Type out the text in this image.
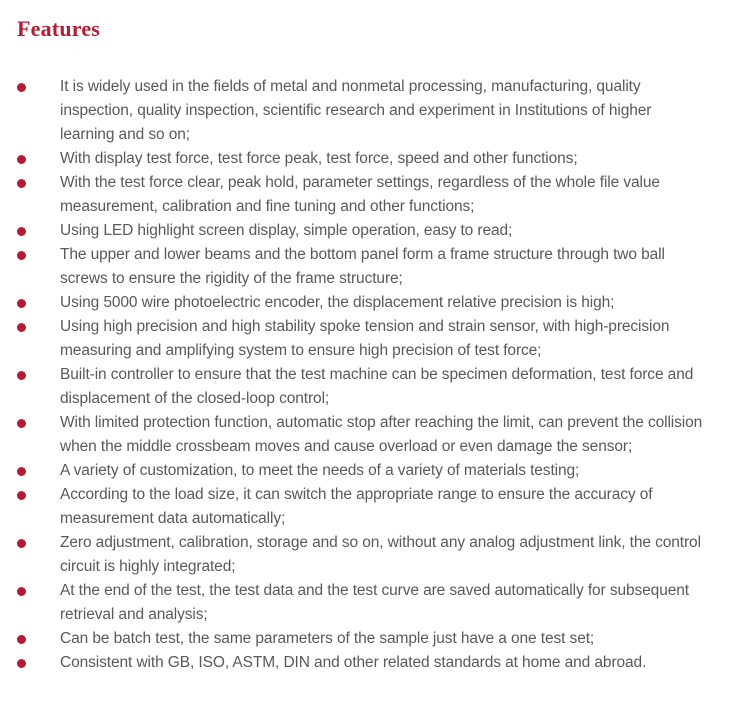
Features
It is widely used in the fields of metal and nonmetal processing, manufacturing, quality inspection, quality inspection, scientific research and experiment in Institutions of higher learning and so on;
With display test force, test force peak, test force, speed and other functions;
With the test force clear, peak hold, parameter settings, regardless of the whole file value measurement, calibration and fine tuning and other functions;
Using LED highlight screen display, simple operation, easy to read;
The upper and lower beams and the bottom panel form a frame structure through two ball screws to ensure the rigidity of the frame structure;
Using 5000 wire photoelectric encoder, the displacement relative precision is high;
Using high precision and high stability spoke tension and strain sensor, with high-precision measuring and amplifying system to ensure high precision of test force;
Built-in controller to ensure that the test machine can be specimen deformation, test force and displacement of the closed-loop control;
With limited protection function, automatic stop after reaching the limit, can prevent the collision when the middle crossbeam moves and cause overload or even damage the sensor;
A variety of customization, to meet the needs of a variety of materials testing;
According to the load size, it can switch the appropriate range to ensure the accuracy of measurement data automatically;
Zero adjustment, calibration, storage and so on, without any analog adjustment link, the control circuit is highly integrated;
At the end of the test, the test data and the test curve are saved automatically for subsequent retrieval and analysis;
Can be batch test, the same parameters of the sample just have a one test set;
Consistent with GB, ISO, ASTM, DIN and other related standards at home and abroad.
